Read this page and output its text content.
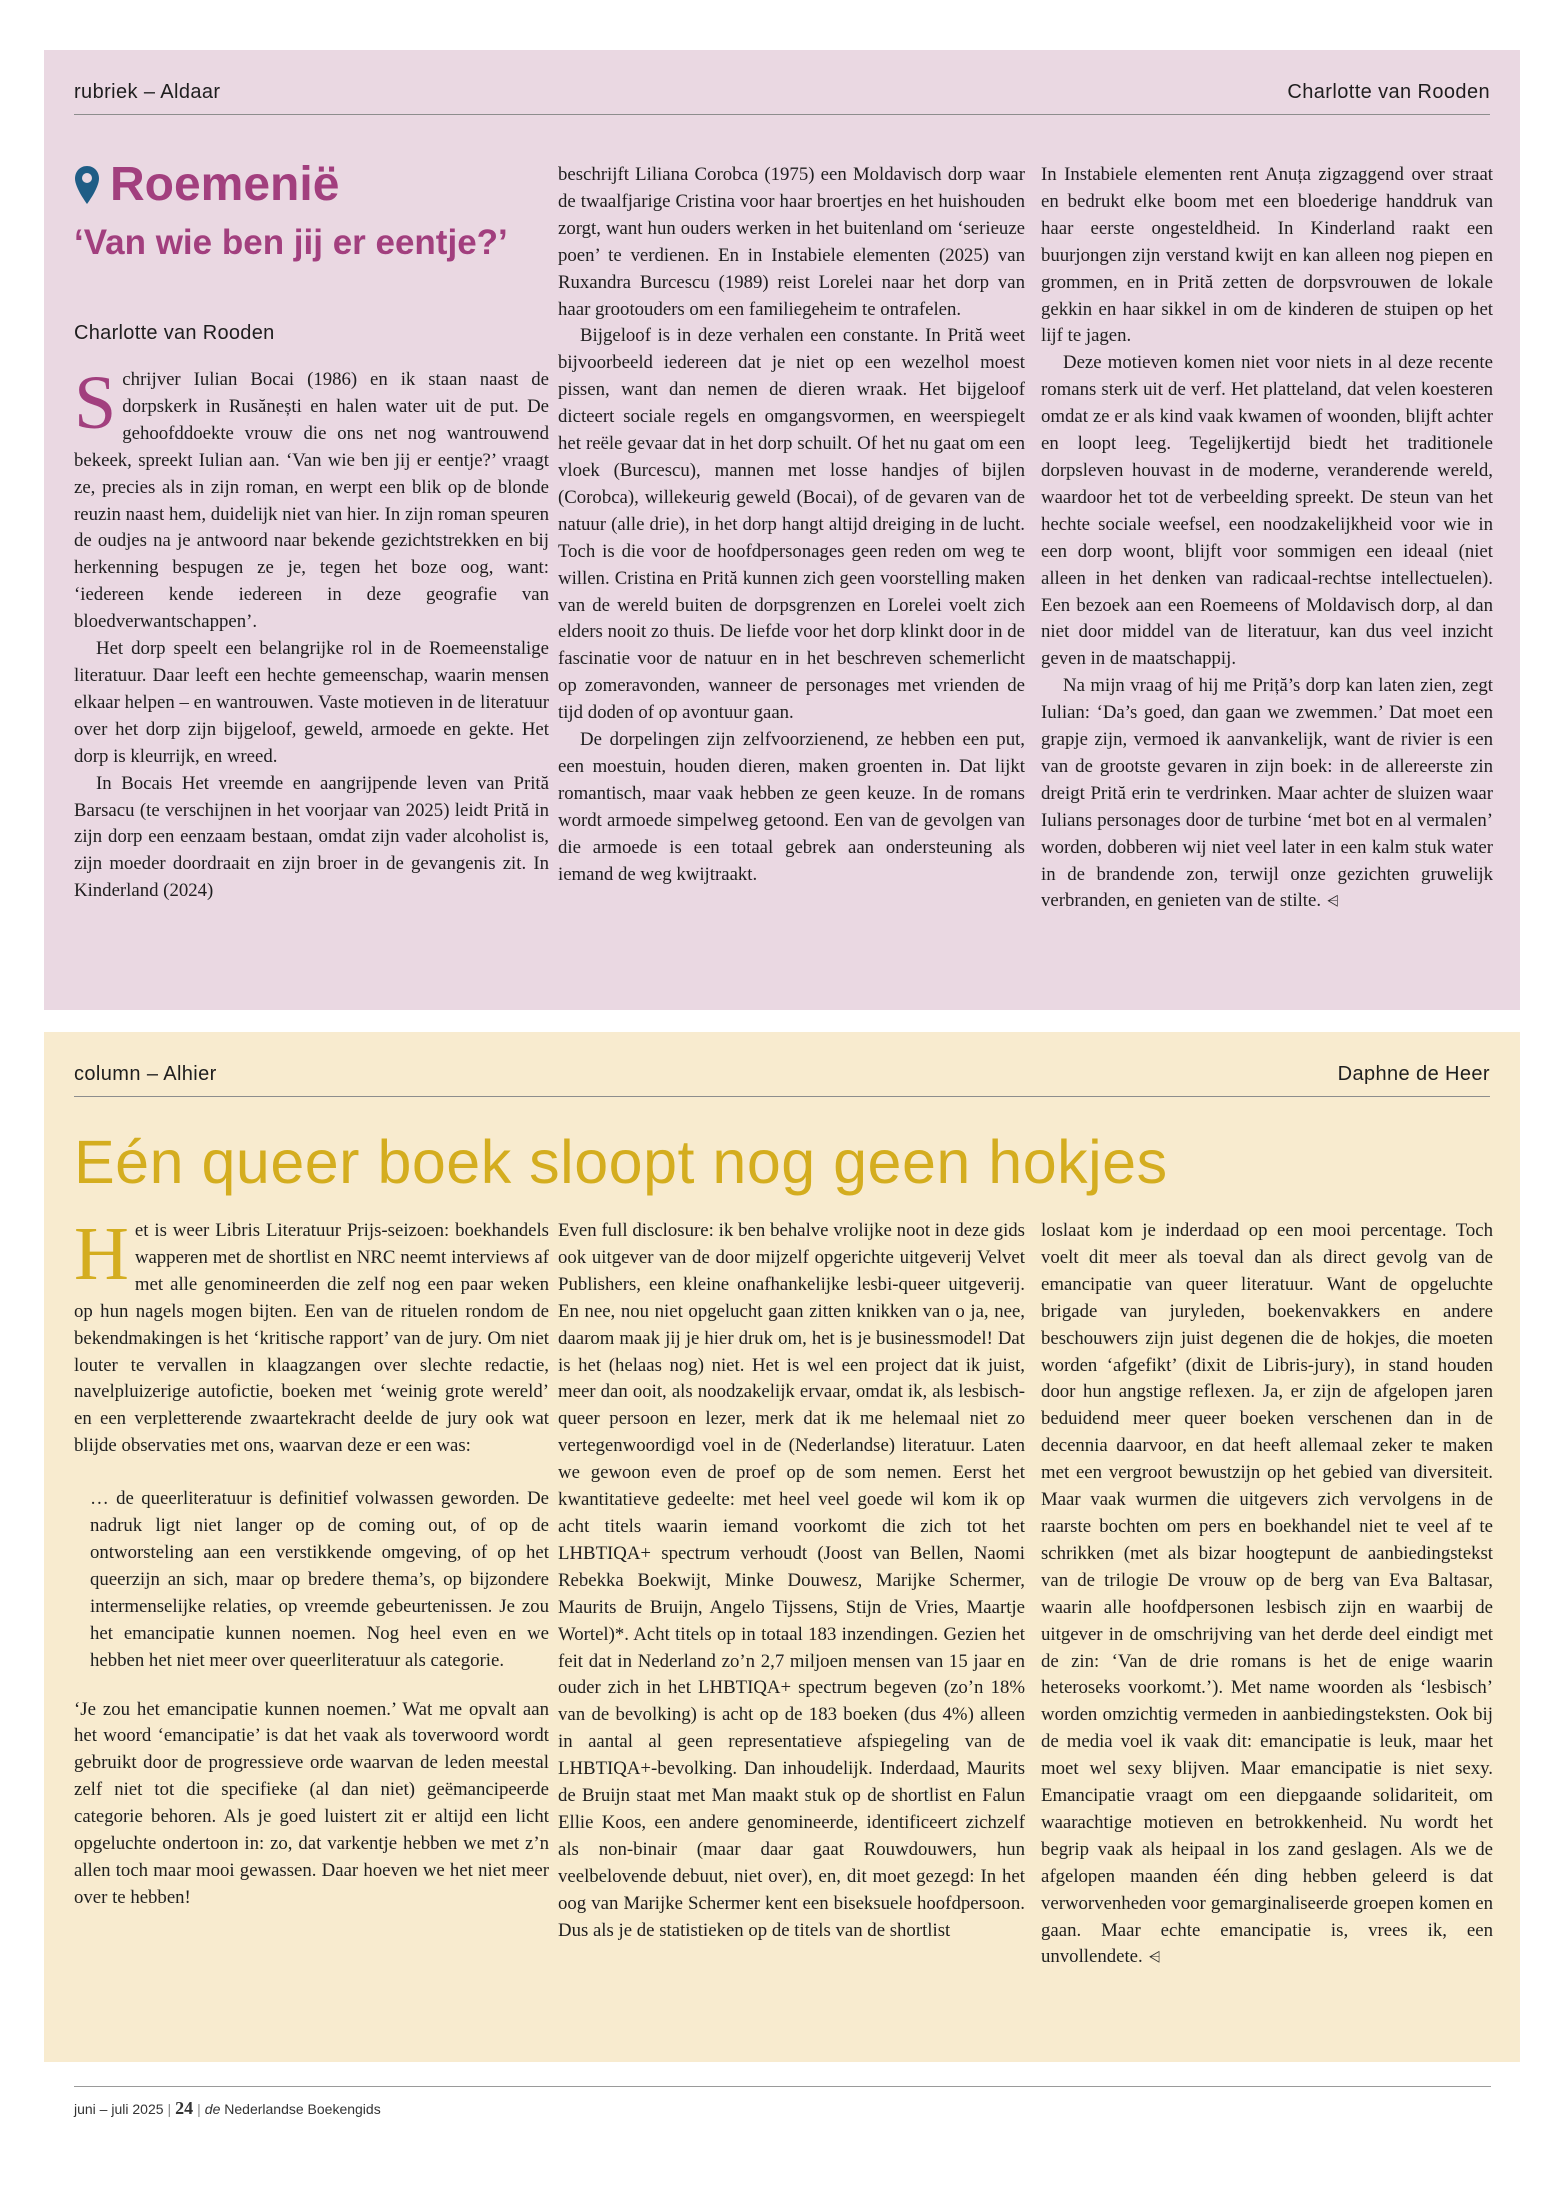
rubriek – Aldaar	Charlotte van Rooden
Roemenië
‘Van wie ben jij er eentje?’
Charlotte van Rooden

Schrijver Iulian Bocai (1986) en ik staan naast de dorpskerk in Rusănești en halen water uit de put. De gehoofddoekte vrouw die ons net nog wantrouwend bekeek, spreekt Iulian aan. ‘Van wie ben jij er eentje?’ vraagt ze, precies als in zijn roman, en werpt een blik op de blonde reuzin naast hem, duidelijk niet van hier. In zijn roman speuren de oudjes na je antwoord naar bekende gezichtstrekken en bij herkenning bespugen ze je, tegen het boze oog, want: ‘iedereen kende iedereen in deze geografie van bloedverwantschappen’.

Het dorp speelt een belangrijke rol in de Roemeenstalige literatuur. Daar leeft een hechte gemeenschap, waarin mensen elkaar helpen – en wantrouwen. Vaste motieven in de literatuur over het dorp zijn bijgeloof, geweld, armoede en gekte. Het dorp is kleurrijk, en wreed.

In Bocais Het vreemde en aangrijpende leven van Prită Barsacu (te verschijnen in het voorjaar van 2025) leidt Prită in zijn dorp een eenzaam bestaan, omdat zijn vader alcoholist is, zijn moeder doordraait en zijn broer in de gevangenis zit. In Kinderland (2024)

beschrijft Liliana Corobca (1975) een Moldavisch dorp waar de twaalfjarige Cristina voor haar broertjes en het huishouden zorgt, want hun ouders werken in het buitenland om ‘serieuze poen’ te verdienen. En in Instabiele elementen (2025) van Ruxandra Burcescu (1989) reist Lorelei naar het dorp van haar grootouders om een familiegeheim te ontrafelen.

Bijgeloof is in deze verhalen een constante. In Prită weet bijvoorbeeld iedereen dat je niet op een wezelhol moest pissen, want dan nemen de dieren wraak. Het bijgeloof dicteert sociale regels en omgangsvormen, en weerspiegelt het reële gevaar dat in het dorp schuilt. Of het nu gaat om een vloek (Burcescu), mannen met losse handjes of bijlen (Corobca), willekeurig geweld (Bocai), of de gevaren van de natuur (alle drie), in het dorp hangt altijd dreiging in de lucht. Toch is die voor de hoofdpersonages geen reden om weg te willen. Cristina en Prită kunnen zich geen voorstelling maken van de wereld buiten de dorpsgrenzen en Lorelei voelt zich elders nooit zo thuis. De liefde voor het dorp klinkt door in de fascinatie voor de natuur en in het beschreven schemerlicht op zomeravonden, wanneer de personages met vrienden de tijd doden of op avontuur gaan.

De dorpelingen zijn zelfvoorzienend, ze hebben een put, een moestuin, houden dieren, maken groenten in. Dat lijkt romantisch, maar vaak hebben ze geen keuze. In de romans wordt armoede simpelweg getoond. Een van de gevolgen van die armoede is een totaal gebrek aan ondersteuning als iemand de weg kwijtraakt.

In Instabiele elementen rent Anuța zigzaggend over straat en bedrukt elke boom met een bloederige handdruk van haar eerste ongesteldheid. In Kinderland raakt een buurjongen zijn verstand kwijt en kan alleen nog piepen en grommen, en in Prită zetten de dorpsvrouwen de lokale gekkin en haar sikkel in om de kinderen de stuipen op het lijf te jagen.

Deze motieven komen niet voor niets in al deze recente romans sterk uit de verf. Het platteland, dat velen koesteren omdat ze er als kind vaak kwamen of woonden, blijft achter en loopt leeg. Tegelijkertijd biedt het traditionele dorpsleven houvast in de moderne, veranderende wereld, waardoor het tot de verbeelding spreekt. De steun van het hechte sociale weefsel, een noodzakelijkheid voor wie in een dorp woont, blijft voor sommigen een ideaal (niet alleen in het denken van radicaal-rechtse intellectuelen). Een bezoek aan een Roemeens of Moldavisch dorp, al dan niet door middel van de literatuur, kan dus veel inzicht geven in de maatschappij.

Na mijn vraag of hij me Priță’s dorp kan laten zien, zegt Iulian: ‘Da’s goed, dan gaan we zwemmen.’ Dat moet een grapje zijn, vermoed ik aanvankelijk, want de rivier is een van de grootste gevaren in zijn boek: in de allereerste zin dreigt Prită erin te verdrinken. Maar achter de sluizen waar Iulians personages door de turbine ‘met bot en al vermalen’ worden, dobberen wij niet veel later in een kalm stuk water in de brandende zon, terwijl onze gezichten gruwelijk verbranden, en genieten van de stilte. ⩤

column – Alhier	Daphne de Heer
Eén queer boek sloopt nog geen hokjes

Het is weer Libris Literatuur Prijs-seizoen: boekhandels wapperen met de shortlist en NRC neemt interviews af met alle genomineerden die zelf nog een paar weken op hun nagels mogen bijten. Een van de rituelen rondom de bekendmakingen is het ‘kritische rapport’ van de jury. Om niet louter te vervallen in klaagzangen over slechte redactie, navelpluizerige autofictie, boeken met ‘weinig grote wereld’ en een verpletterende zwaartekracht deelde de jury ook wat blijde observaties met ons, waarvan deze er een was:

… de queerliteratuur is definitief volwassen geworden. De nadruk ligt niet langer op de coming out, of op de ontworsteling aan een verstikkende omgeving, of op het queerzijn an sich, maar op bredere thema’s, op bijzondere intermenselijke relaties, op vreemde gebeurtenissen. Je zou het emancipatie kunnen noemen. Nog heel even en we hebben het niet meer over queerliteratuur als categorie.

‘Je zou het emancipatie kunnen noemen.’ Wat me opvalt aan het woord ‘emancipatie’ is dat het vaak als toverwoord wordt gebruikt door de progressieve orde waarvan de leden meestal zelf niet tot die specifieke (al dan niet) geëmancipeerde categorie behoren. Als je goed luistert zit er altijd een licht opgeluchte ondertoon in: zo, dat varkentje hebben we met z’n allen toch maar mooi gewassen. Daar hoeven we het niet meer over te hebben!

Even full disclosure: ik ben behalve vrolijke noot in deze gids ook uitgever van de door mijzelf opgerichte uitgeverij Velvet Publishers, een kleine onafhankelijke lesbi-queer uitgeverij. En nee, nou niet opgelucht gaan zitten knikken van o ja, nee, daarom maak jij je hier druk om, het is je businessmodel! Dat is het (helaas nog) niet. Het is wel een project dat ik juist, meer dan ooit, als noodzakelijk ervaar, omdat ik, als lesbisch-queer persoon en lezer, merk dat ik me helemaal niet zo vertegenwoordigd voel in de (Nederlandse) literatuur. Laten we gewoon even de proef op de som nemen. Eerst het kwantitatieve gedeelte: met heel veel goede wil kom ik op acht titels waarin iemand voorkomt die zich tot het LHBTIQA+ spectrum verhoudt (Joost van Bellen, Naomi Rebekka Boekwijt, Minke Douwesz, Marijke Schermer, Maurits de Bruijn, Angelo Tijssens, Stijn de Vries, Maartje Wortel)*. Acht titels op in totaal 183 inzendingen. Gezien het feit dat in Nederland zo’n 2,7 miljoen mensen van 15 jaar en ouder zich in het LHBTIQA+ spectrum begeven (zo’n 18% van de bevolking) is acht op de 183 boeken (dus 4%) alleen in aantal al geen representatieve afspiegeling van de LHBTIQA+-bevolking. Dan inhoudelijk. Inderdaad, Maurits de Bruijn staat met Man maakt stuk op de shortlist en Falun Ellie Koos, een andere genomineerde, identificeert zichzelf als non-binair (maar daar gaat Rouwdouwers, hun veelbelovende debuut, niet over), en, dit moet gezegd: In het oog van Marijke Schermer kent een biseksuele hoofdpersoon. Dus als je de statistieken op de titels van de shortlist

loslaat kom je inderdaad op een mooi percentage. Toch voelt dit meer als toeval dan als direct gevolg van de emancipatie van queer literatuur. Want de opgeluchte brigade van juryleden, boekenvakkers en andere beschouwers zijn juist degenen die de hokjes, die moeten worden ‘afgefikt’ (dixit de Libris-jury), in stand houden door hun angstige reflexen. Ja, er zijn de afgelopen jaren beduidend meer queer boeken verschenen dan in de decennia daarvoor, en dat heeft allemaal zeker te maken met een vergroot bewustzijn op het gebied van diversiteit. Maar vaak wurmen die uitgevers zich vervolgens in de raarste bochten om pers en boekhandel niet te veel af te schrikken (met als bizar hoogtepunt de aanbiedingstekst van de trilogie De vrouw op de berg van Eva Baltasar, waarin alle hoofdpersonen lesbisch zijn en waarbij de uitgever in de omschrijving van het derde deel eindigt met de zin: ‘Van de drie romans is het de enige waarin heteroseks voorkomt.’). Met name woorden als ‘lesbisch’ worden omzichtig vermeden in aanbiedingsteksten. Ook bij de media voel ik vaak dit: emancipatie is leuk, maar het moet wel sexy blijven. Maar emancipatie is niet sexy. Emancipatie vraagt om een diepgaande solidariteit, om waarachtige motieven en betrokkenheid. Nu wordt het begrip vaak als heipaal in los zand geslagen. Als we de afgelopen maanden één ding hebben geleerd is dat verworvenheden voor gemarginaliseerde groepen komen en gaan. Maar echte emancipatie is, vrees ik, een unvollendete. ⩤

juni – juli 2025 | 24 | de Nederlandse Boekengids
